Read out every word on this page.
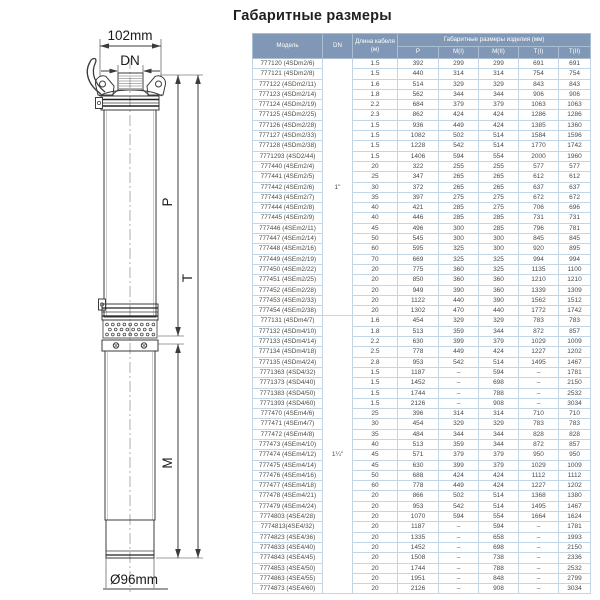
102mm
DN
P
T
M
Ø96mm
Габаритные размеры
Модель	DN	Длина кабеля (м)	Габаритные размеры изделия (мм)				
			P	M(I)	M(II)	T(I)	T(II)
777120 (4SDm2/6)	1"	1.5	392	299	299	691	691
777121 (4SDm2/8)		1.5	440	314	314	754	754
777122 (4SDm2/11)		1.6	514	329	329	843	843
777123 (4SDm2/14)		1.8	562	344	344	906	906
777124 (4SDm2/19)		2.2	684	379	379	1063	1063
777125 (4SDm2/25)		2.3	862	424	424	1286	1286
777126 (4SDm2/28)		1.5	936	449	424	1385	1360
777127 (4SDm2/33)		1.5	1082	502	514	1584	1596
777128 (4SDm2/38)		1.5	1228	542	514	1770	1742
7771293 (4SD2/44)		1.5	1406	594	554	2000	1960
777440 (4SEm2/4)		20	322	255	255	577	577
777441 (4SEm2/5)		25	347	265	265	612	612
777442 (4SEm2/6)		30	372	265	265	637	637
777443 (4SEm2/7)		35	397	275	275	672	672
777444 (4SEm2/8)		40	421	285	275	706	696
777445 (4SEm2/9)		40	446	285	285	731	731
777446 (4SEm2/11)		45	496	300	285	796	781
777447 (4SEm2/14)		50	545	300	300	845	845
777448 (4SEm2/16)		60	595	325	300	920	895
777449 (4SEm2/19)		70	669	325	325	994	994
777450 (4SEm2/22)		20	775	360	325	1135	1100
777451 (4SEm2/25)		20	850	360	360	1210	1210
777452 (4SEm2/28)		20	949	390	360	1339	1309
777453 (4SEm2/33)		20	1122	440	390	1562	1512
777454 (4SEm2/38)		20	1302	470	440	1772	1742
777131 (4SDm4/7)	1¼"	1.6	454	329	329	783	783
777132 (4SDm4/10)		1.8	513	359	344	872	857
777133 (4SDm4/14)		2.2	630	399	379	1029	1009
777134 (4SDm4/18)		2.5	778	449	424	1227	1202
777135 (4SDm4/24)		2.8	953	542	514	1495	1467
7771363 (4SD4/32)		1.5	1187	–	594	–	1781
7771373 (4SD4/40)		1.5	1452	–	698	–	2150
7771383 (4SD4/50)		1.5	1744	–	788	–	2532
7771393 (4SD4/60)		1.5	2126	–	908	–	3034
777470 (4SEm4/6)		25	396	314	314	710	710
777471 (4SEm4/7)		30	454	329	329	783	783
777472 (4SEm4/8)		35	484	344	344	828	828
777473 (4SEm4/10)		40	513	359	344	872	857
777474 (4SEm4/12)		45	571	379	379	950	950
777475 (4SEm4/14)		45	630	399	379	1029	1009
777476 (4SEm4/16)		50	688	424	424	1112	1112
777477 (4SEm4/18)		60	778	449	424	1227	1202
777478 (4SEm4/21)		20	866	502	514	1368	1380
777479 (4SEm4/24)		20	953	542	514	1495	1467
7774803 (4SE4/28)		20	1070	594	554	1664	1624
7774813(4SE4/32)		20	1187	–	594	–	1781
7774823 (4SE4/36)		20	1335	–	658	–	1993
7774833 (4SE4/40)		20	1452	–	698	–	2150
7774843 (4SE4/45)		20	1508	–	738	–	2336
7774853 (4SE4/50)		20	1744	–	788	–	2532
7774863 (4SE4/55)		20	1951	–	848	–	2799
7774873 (4SE4/60)		20	2126	–	908	–	3034
